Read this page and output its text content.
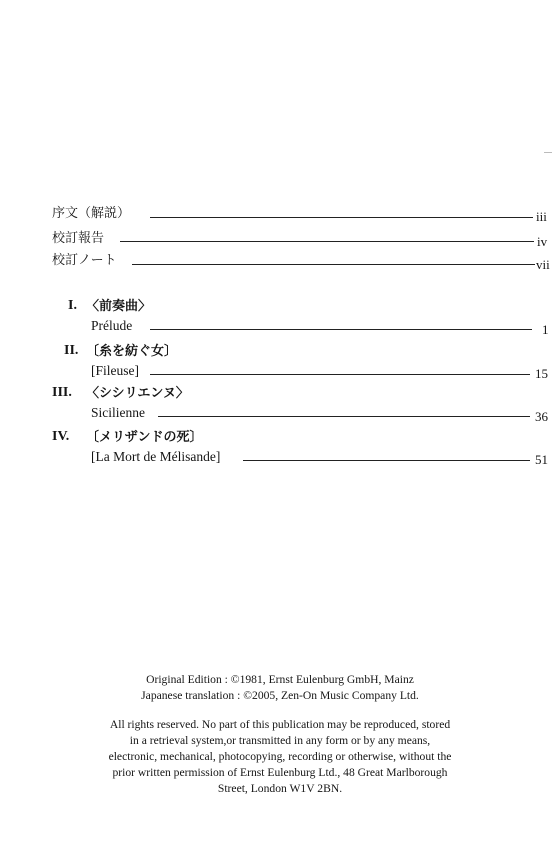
序文（解説）	iii
校訂報告	iv
校訂ノート	vii
I. 〈前奏曲〉
Prélude	1
II. 〔糸を紡ぐ女〕
[Fileuse]	15
III. 〈シシリエンヌ〉
Sicilienne	36
IV. 〔メリザンドの死〕
[La Mort de Mélisande]	51
Original Edition : ©1981, Ernst Eulenburg GmbH, Mainz
Japanese translation : ©2005, Zen-On Music Company Ltd.
All rights reserved. No part of this publication may be reproduced, stored
in a retrieval system,or transmitted in any form or by any means,
electronic, mechanical, photocopying, recording or otherwise, without the
prior written permission of Ernst Eulenburg Ltd., 48 Great Marlborough
Street, London W1V 2BN.
